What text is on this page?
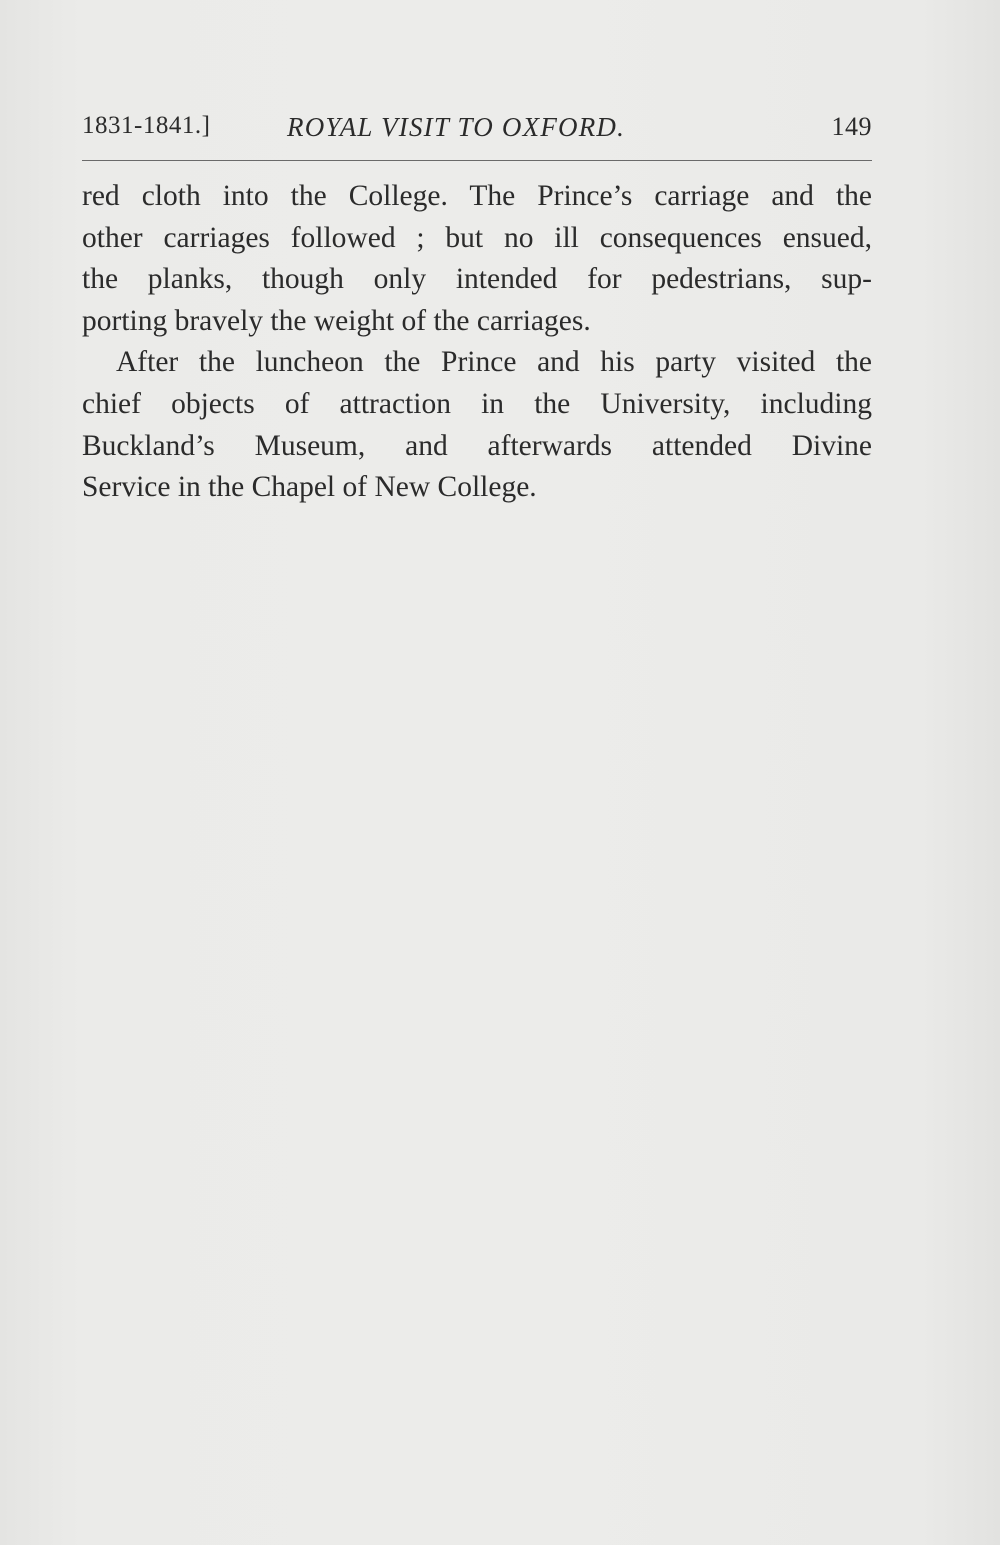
1831-1841.]	ROYAL VISIT TO OXFORD.	149
red cloth into the College. The Prince’s carriage and the
other carriages followed ; but no ill consequences ensued,
the planks, though only intended for pedestrians, sup-
porting bravely the weight of the carriages.
After the luncheon the Prince and his party visited the
chief objects of attraction in the University, including
Buckland’s Museum, and afterwards attended Divine
Service in the Chapel of New College.
